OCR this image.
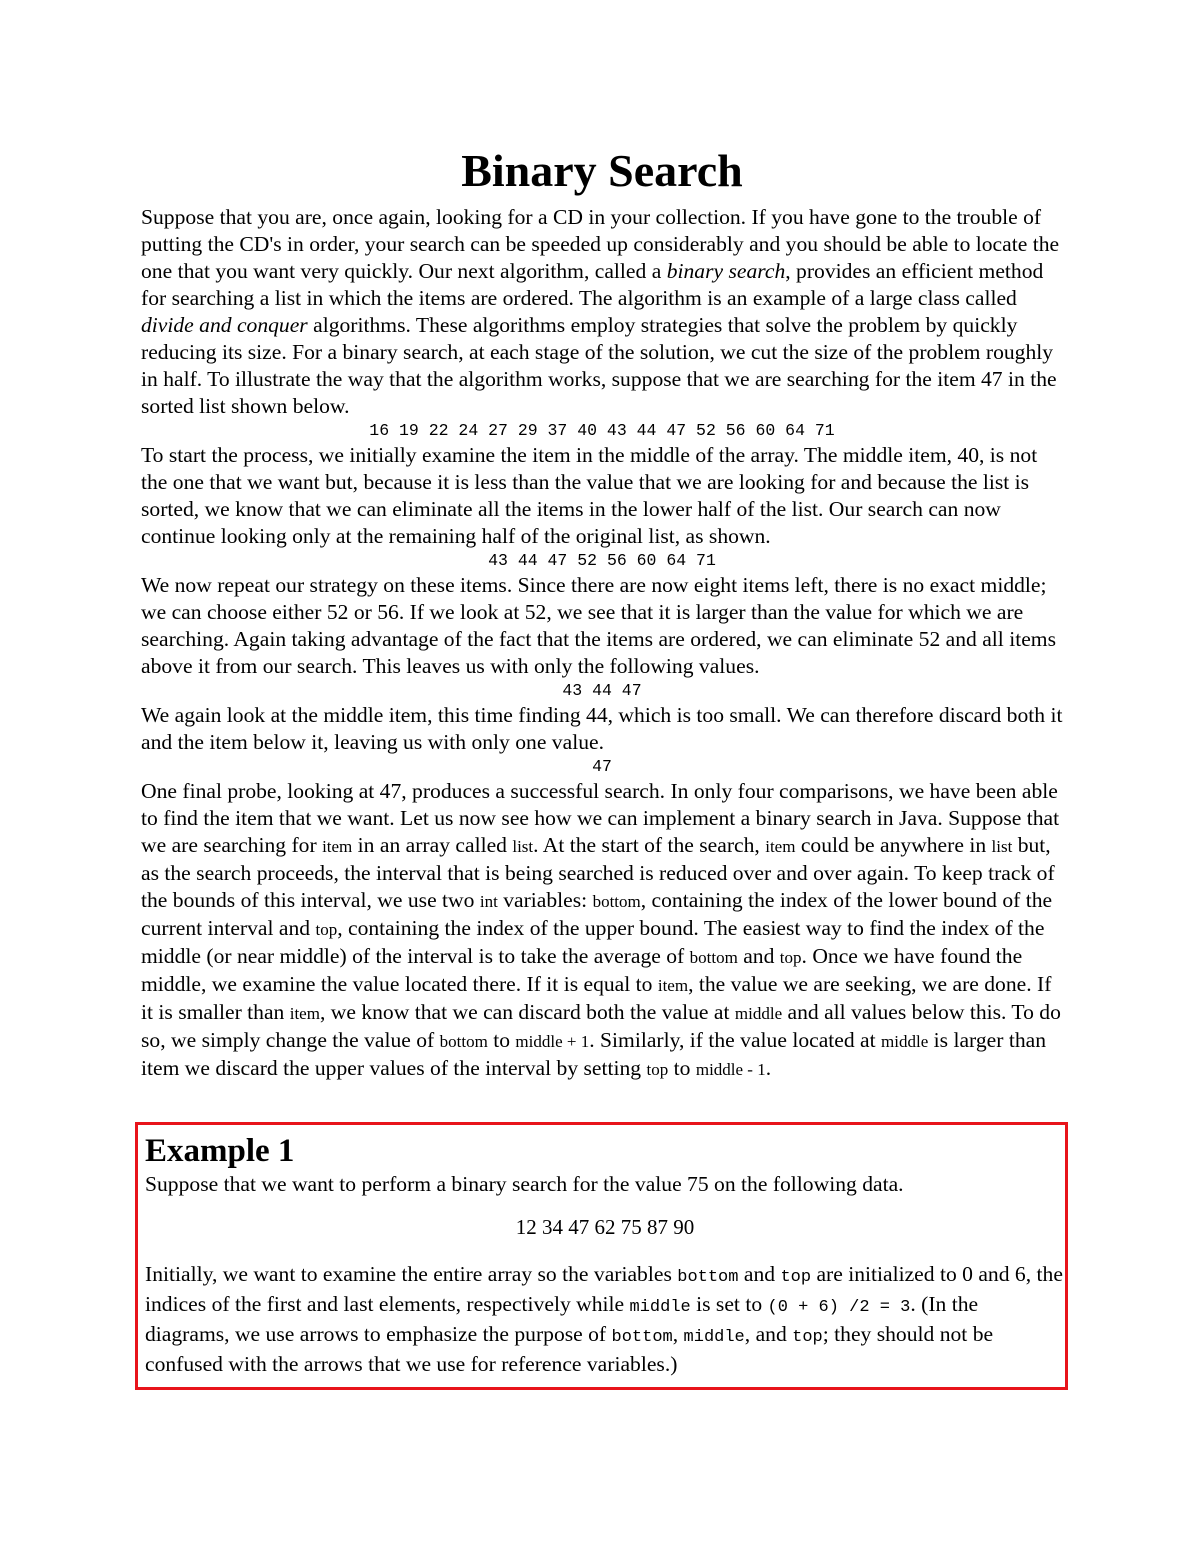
Binary Search

Suppose that you are, once again, looking for a CD in your collection. If you have gone to the trouble of putting the CD's in order, your search can be speeded up considerably and you should be able to locate the one that you want very quickly. Our next algorithm, called a binary search, provides an efficient method for searching a list in which the items are ordered. The algorithm is an example of a large class called divide and conquer algorithms. These algorithms employ strategies that solve the problem by quickly reducing its size. For a binary search, at each stage of the solution, we cut the size of the problem roughly in half. To illustrate the way that the algorithm works, suppose that we are searching for the item 47 in the sorted list shown below.

16 19 22 24 27 29 37 40 43 44 47 52 56 60 64 71

To start the process, we initially examine the item in the middle of the array. The middle item, 40, is not the one that we want but, because it is less than the value that we are looking for and because the list is sorted, we know that we can eliminate all the items in the lower half of the list. Our search can now continue looking only at the remaining half of the original list, as shown.

43 44 47 52 56 60 64 71

We now repeat our strategy on these items. Since there are now eight items left, there is no exact middle; we can choose either 52 or 56. If we look at 52, we see that it is larger than the value for which we are searching. Again taking advantage of the fact that the items are ordered, we can eliminate 52 and all items above it from our search. This leaves us with only the following values.

43 44 47

We again look at the middle item, this time finding 44, which is too small. We can therefore discard both it and the item below it, leaving us with only one value.

47

One final probe, looking at 47, produces a successful search. In only four comparisons, we have been able to find the item that we want. Let us now see how we can implement a binary search in Java. Suppose that we are searching for item in an array called list. At the start of the search, item could be anywhere in list but, as the search proceeds, the interval that is being searched is reduced over and over again. To keep track of the bounds of this interval, we use two int variables: bottom, containing the index of the lower bound of the current interval and top, containing the index of the upper bound. The easiest way to find the index of the middle (or near middle) of the interval is to take the average of bottom and top. Once we have found the middle, we examine the value located there. If it is equal to item, the value we are seeking, we are done. If it is smaller than item, we know that we can discard both the value at middle and all values below this. To do so, we simply change the value of bottom to middle + 1. Similarly, if the value located at middle is larger than item we discard the upper values of the interval by setting top to middle - 1.

Example 1

Suppose that we want to perform a binary search for the value 75 on the following data.

12 34 47 62 75 87 90

Initially, we want to examine the entire array so the variables bottom and top are initialized to 0 and 6, the indices of the first and last elements, respectively while middle is set to (0 + 6) /2 = 3. (In the diagrams, we use arrows to emphasize the purpose of bottom, middle, and top; they should not be confused with the arrows that we use for reference variables.)
